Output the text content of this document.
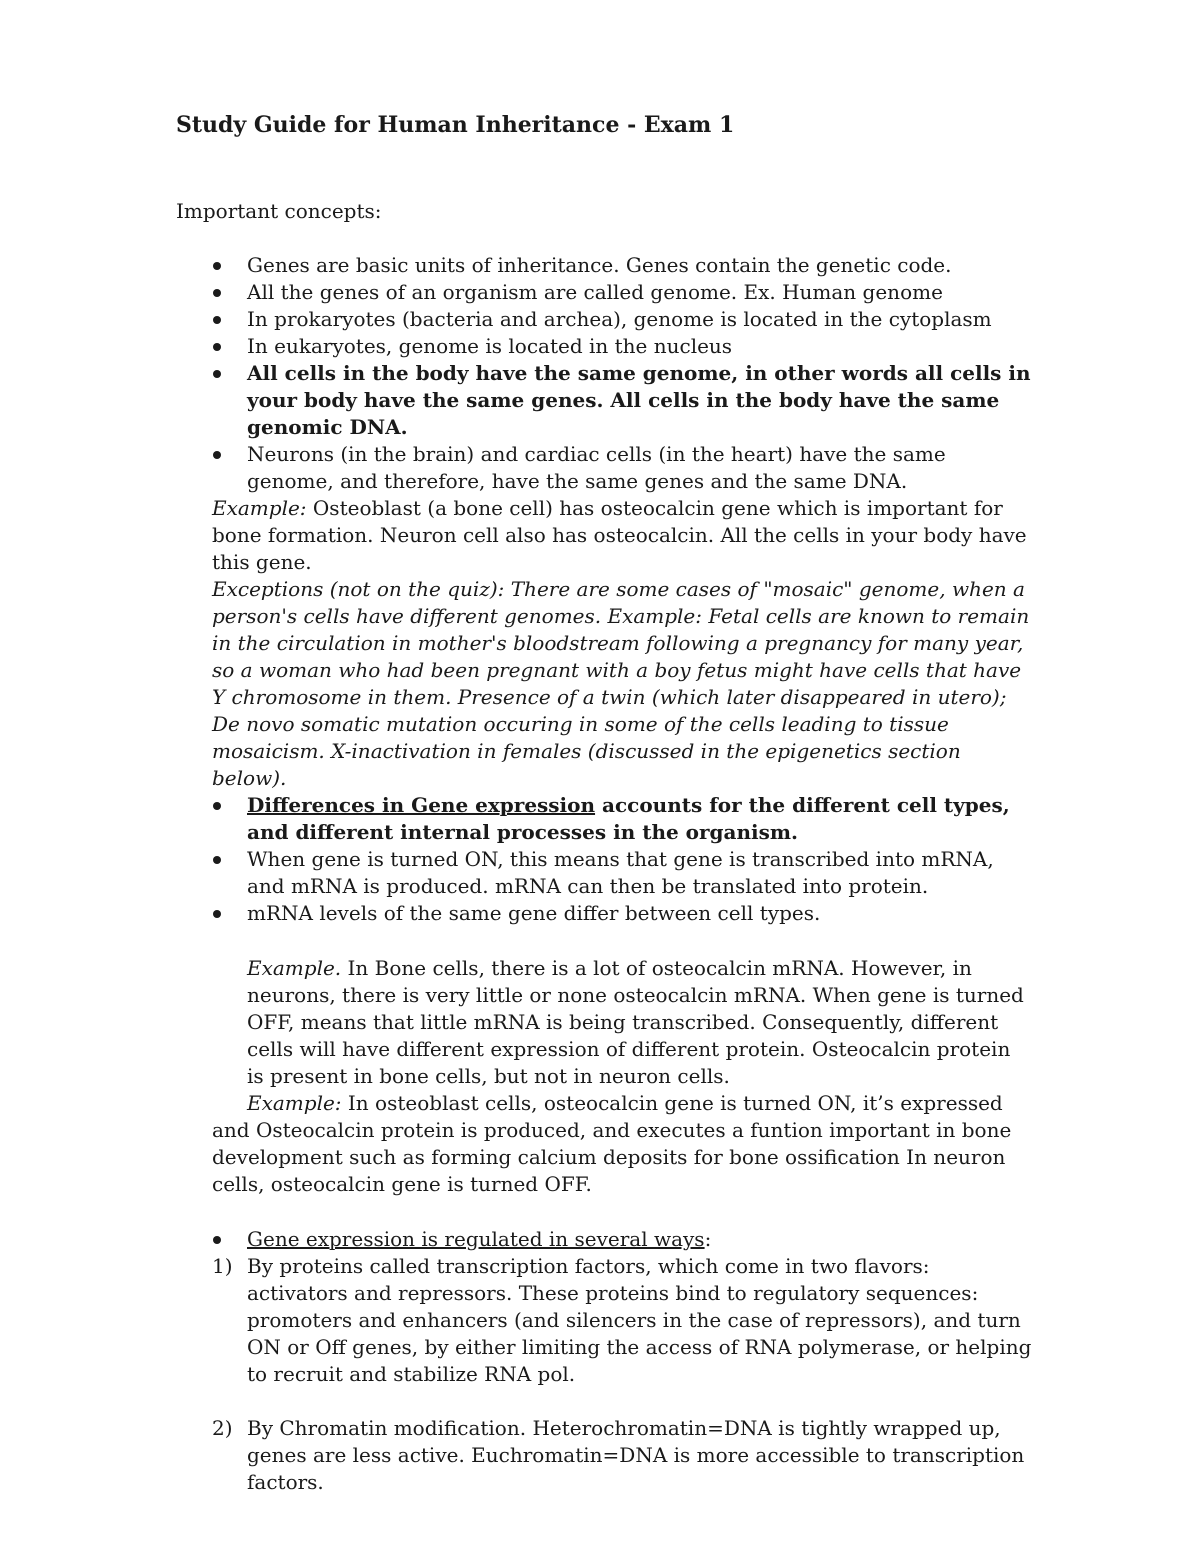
Study Guide for Human Inheritance - Exam 1
Important concepts:
Genes are basic units of inheritance. Genes contain the genetic code.
All the genes of an organism are called genome. Ex. Human genome
In prokaryotes (bacteria and archea), genome is located in the cytoplasm
In eukaryotes, genome is located in the nucleus
All cells in the body have the same genome, in other words all cells in your body have the same genes. All cells in the body have the same genomic DNA.
Neurons (in the brain) and cardiac cells (in the heart) have the same genome, and therefore, have the same genes and the same DNA.
Example: Osteoblast (a bone cell) has osteocalcin gene which is important for bone formation. Neuron cell also has osteocalcin. All the cells in your body have this gene.
Exceptions (not on the quiz): There are some cases of "mosaic" genome, when a person's cells have different genomes. Example: Fetal cells are known to remain in the circulation in mother's bloodstream following a pregnancy for many year, so a woman who had been pregnant with a boy fetus might have cells that have Y chromosome in them. Presence of a twin (which later disappeared in utero); De novo somatic mutation occuring in some of the cells leading to tissue mosaicism. X-inactivation in females (discussed in the epigenetics section below).
Differences in Gene expression accounts for the different cell types, and different internal processes in the organism.
When gene is turned ON, this means that gene is transcribed into mRNA, and mRNA is produced. mRNA can then be translated into protein.
mRNA levels of the same gene differ between cell types.
Example. In Bone cells, there is a lot of osteocalcin mRNA. However, in neurons, there is very little or none osteocalcin mRNA. When gene is turned OFF, means that little mRNA is being transcribed. Consequently, different cells will have different expression of different protein. Osteocalcin protein is present in bone cells, but not in neuron cells.
Example: In osteoblast cells, osteocalcin gene is turned ON, it’s expressed and Osteocalcin protein is produced, and executes a funtion important in bone development such as forming calcium deposits for bone ossification In neuron cells, osteocalcin gene is turned OFF.
Gene expression is regulated in several ways:
1) By proteins called transcription factors, which come in two flavors: activators and repressors. These proteins bind to regulatory sequences: promoters and enhancers (and silencers in the case of repressors), and turn ON or Off genes, by either limiting the access of RNA polymerase, or helping to recruit and stabilize RNA pol.
2) By Chromatin modification. Heterochromatin=DNA is tightly wrapped up, genes are less active. Euchromatin=DNA is more accessible to transcription factors.
